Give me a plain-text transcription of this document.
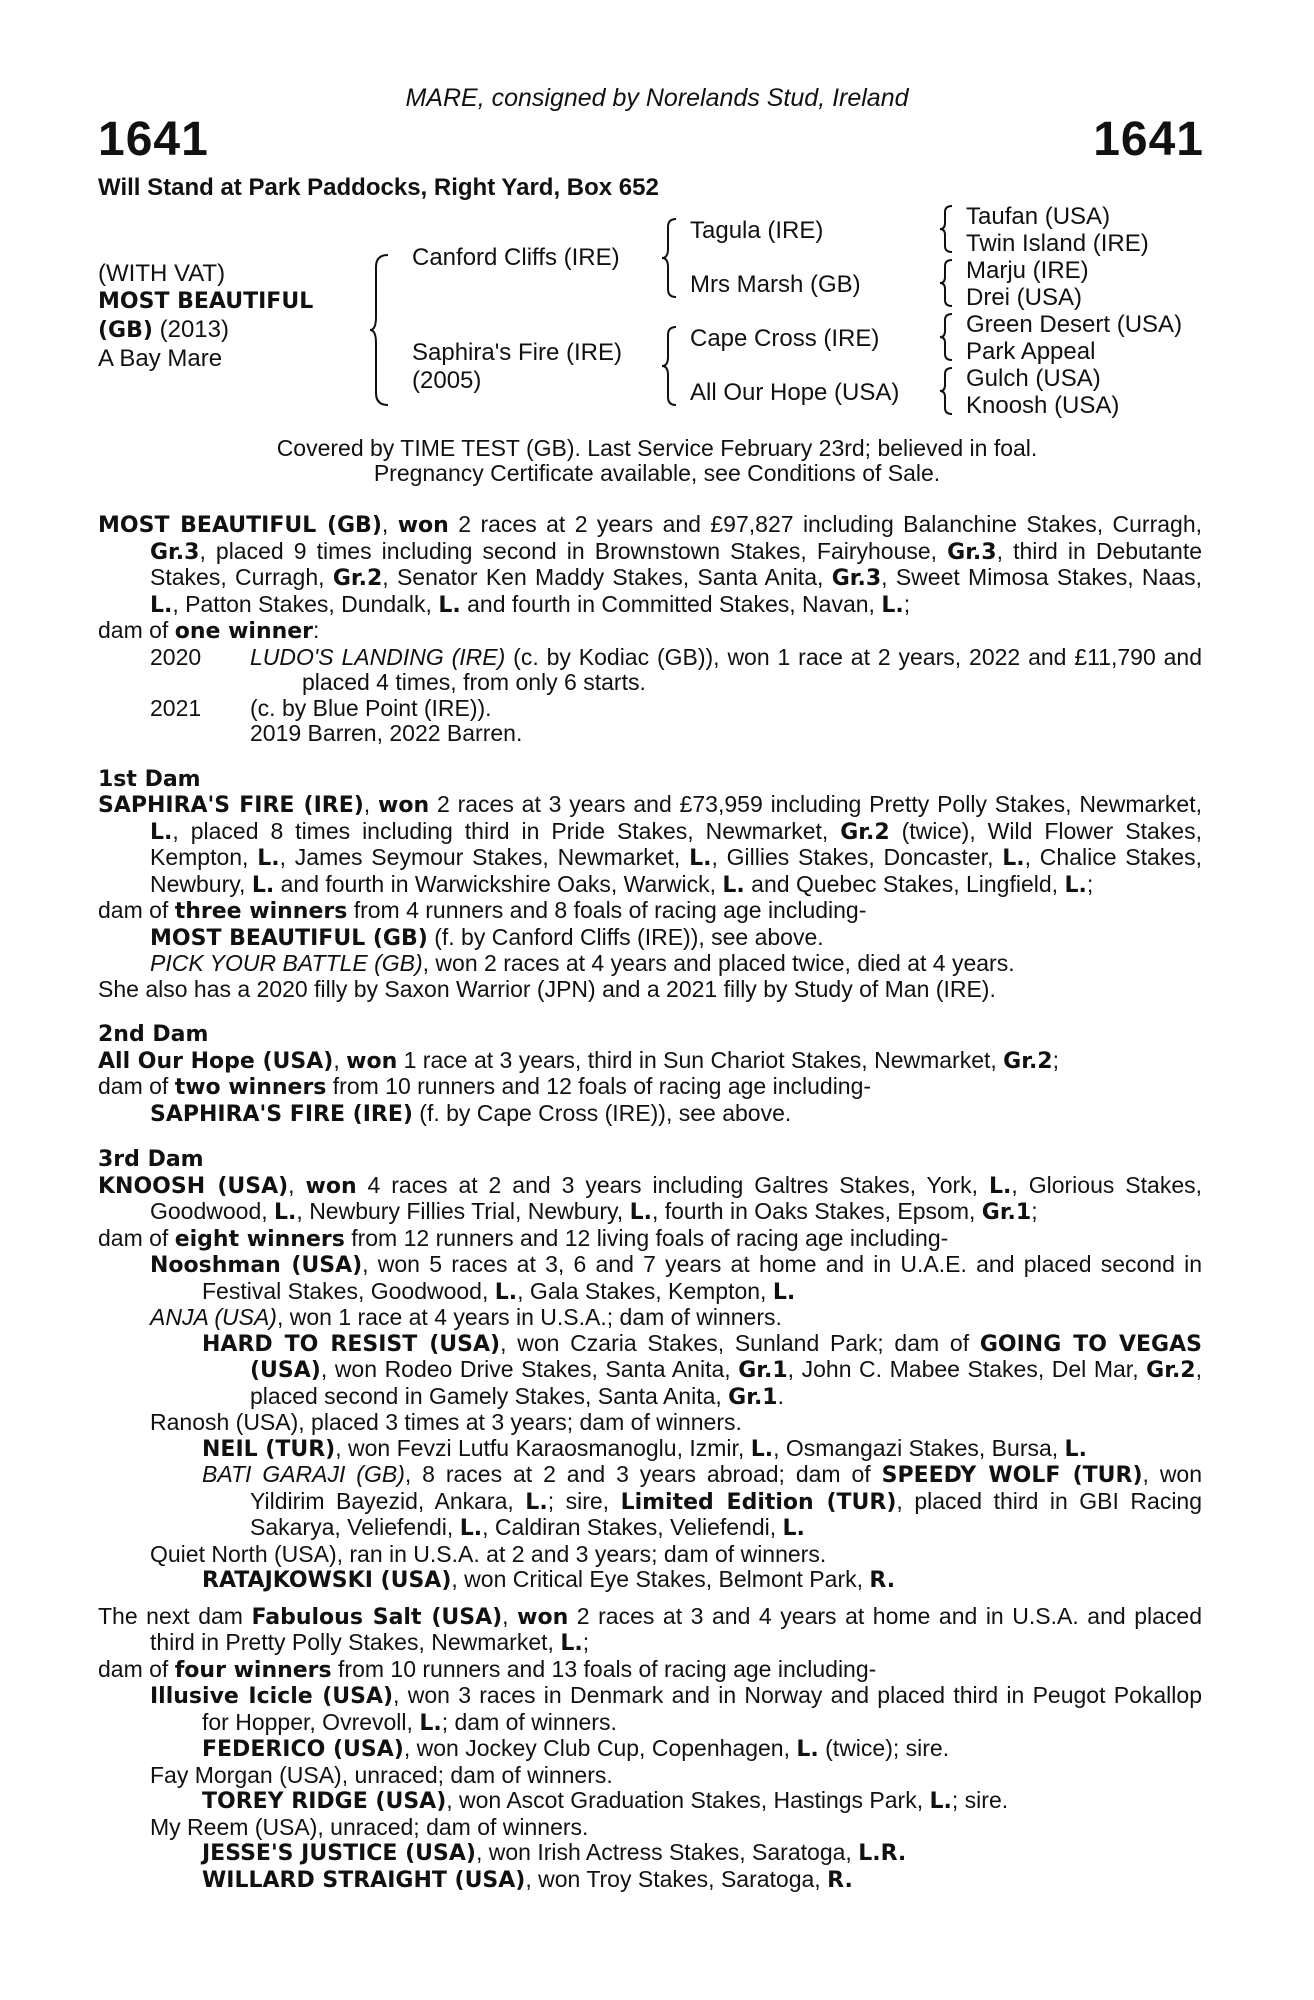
MARE, consigned by Norelands Stud, Ireland
1641	1641
Will Stand at Park Paddocks, Right Yard, Box 652
(WITH VAT)
MOST BEAUTIFUL
(GB) (2013)
A Bay Mare
Canford Cliffs (IRE)
Saphira's Fire (IRE)
(2005)
Tagula (IRE)
Mrs Marsh (GB)
Cape Cross (IRE)
All Our Hope (USA)
Taufan (USA)
Twin Island (IRE)
Marju (IRE)
Drei (USA)
Green Desert (USA)
Park Appeal
Gulch (USA)
Knoosh (USA)
Covered by TIME TEST (GB). Last Service February 23rd; believed in foal.
Pregnancy Certificate available, see Conditions of Sale.

MOST BEAUTIFUL (GB), won 2 races at 2 years and £97,827 including Balanchine Stakes, Curragh, Gr.3, placed 9 times including second in Brownstown Stakes, Fairyhouse, Gr.3, third in Debutante Stakes, Curragh, Gr.2, Senator Ken Maddy Stakes, Santa Anita, Gr.3, Sweet Mimosa Stakes, Naas, L., Patton Stakes, Dundalk, L. and fourth in Committed Stakes, Navan, L.;

dam of one winner:

2020	LUDO'S LANDING (IRE) (c. by Kodiac (GB)), won 1 race at 2 years, 2022 and £11,790 and placed 4 times, from only 6 starts.
2021	(c. by Blue Point (IRE)).

2019 Barren, 2022 Barren.

1st Dam

SAPHIRA'S FIRE (IRE), won 2 races at 3 years and £73,959 including Pretty Polly Stakes, Newmarket, L., placed 8 times including third in Pride Stakes, Newmarket, Gr.2 (twice), Wild Flower Stakes, Kempton, L., James Seymour Stakes, Newmarket, L., Gillies Stakes, Doncaster, L., Chalice Stakes, Newbury, L. and fourth in Warwickshire Oaks, Warwick, L. and Quebec Stakes, Lingfield, L.;

dam of three winners from 4 runners and 8 foals of racing age including-

MOST BEAUTIFUL (GB) (f. by Canford Cliffs (IRE)), see above.

PICK YOUR BATTLE (GB), won 2 races at 4 years and placed twice, died at 4 years.

She also has a 2020 filly by Saxon Warrior (JPN) and a 2021 filly by Study of Man (IRE).

2nd Dam

All Our Hope (USA), won 1 race at 3 years, third in Sun Chariot Stakes, Newmarket, Gr.2;

dam of two winners from 10 runners and 12 foals of racing age including-

SAPHIRA'S FIRE (IRE) (f. by Cape Cross (IRE)), see above.

3rd Dam

KNOOSH (USA), won 4 races at 2 and 3 years including Galtres Stakes, York, L., Glorious Stakes, Goodwood, L., Newbury Fillies Trial, Newbury, L., fourth in Oaks Stakes, Epsom, Gr.1;

dam of eight winners from 12 runners and 12 living foals of racing age including-

Nooshman (USA), won 5 races at 3, 6 and 7 years at home and in U.A.E. and placed second in Festival Stakes, Goodwood, L., Gala Stakes, Kempton, L.

ANJA (USA), won 1 race at 4 years in U.S.A.; dam of winners.

HARD TO RESIST (USA), won Czaria Stakes, Sunland Park; dam of GOING TO VEGAS (USA), won Rodeo Drive Stakes, Santa Anita, Gr.1, John C. Mabee Stakes, Del Mar, Gr.2, placed second in Gamely Stakes, Santa Anita, Gr.1.

Ranosh (USA), placed 3 times at 3 years; dam of winners.

NEIL (TUR), won Fevzi Lutfu Karaosmanoglu, Izmir, L., Osmangazi Stakes, Bursa, L.

BATI GARAJI (GB), 8 races at 2 and 3 years abroad; dam of SPEEDY WOLF (TUR), won Yildirim Bayezid, Ankara, L.; sire, Limited Edition (TUR), placed third in GBI Racing Sakarya, Veliefendi, L., Caldiran Stakes, Veliefendi, L.

Quiet North (USA), ran in U.S.A. at 2 and 3 years; dam of winners.

RATAJKOWSKI (USA), won Critical Eye Stakes, Belmont Park, R.

The next dam Fabulous Salt (USA), won 2 races at 3 and 4 years at home and in U.S.A. and placed third in Pretty Polly Stakes, Newmarket, L.;

dam of four winners from 10 runners and 13 foals of racing age including-

Illusive Icicle (USA), won 3 races in Denmark and in Norway and placed third in Peugot Pokallop for Hopper, Ovrevoll, L.; dam of winners.

FEDERICO (USA), won Jockey Club Cup, Copenhagen, L. (twice); sire.

Fay Morgan (USA), unraced; dam of winners.

TOREY RIDGE (USA), won Ascot Graduation Stakes, Hastings Park, L.; sire.

My Reem (USA), unraced; dam of winners.

JESSE'S JUSTICE (USA), won Irish Actress Stakes, Saratoga, L.R.

WILLARD STRAIGHT (USA), won Troy Stakes, Saratoga, R.
